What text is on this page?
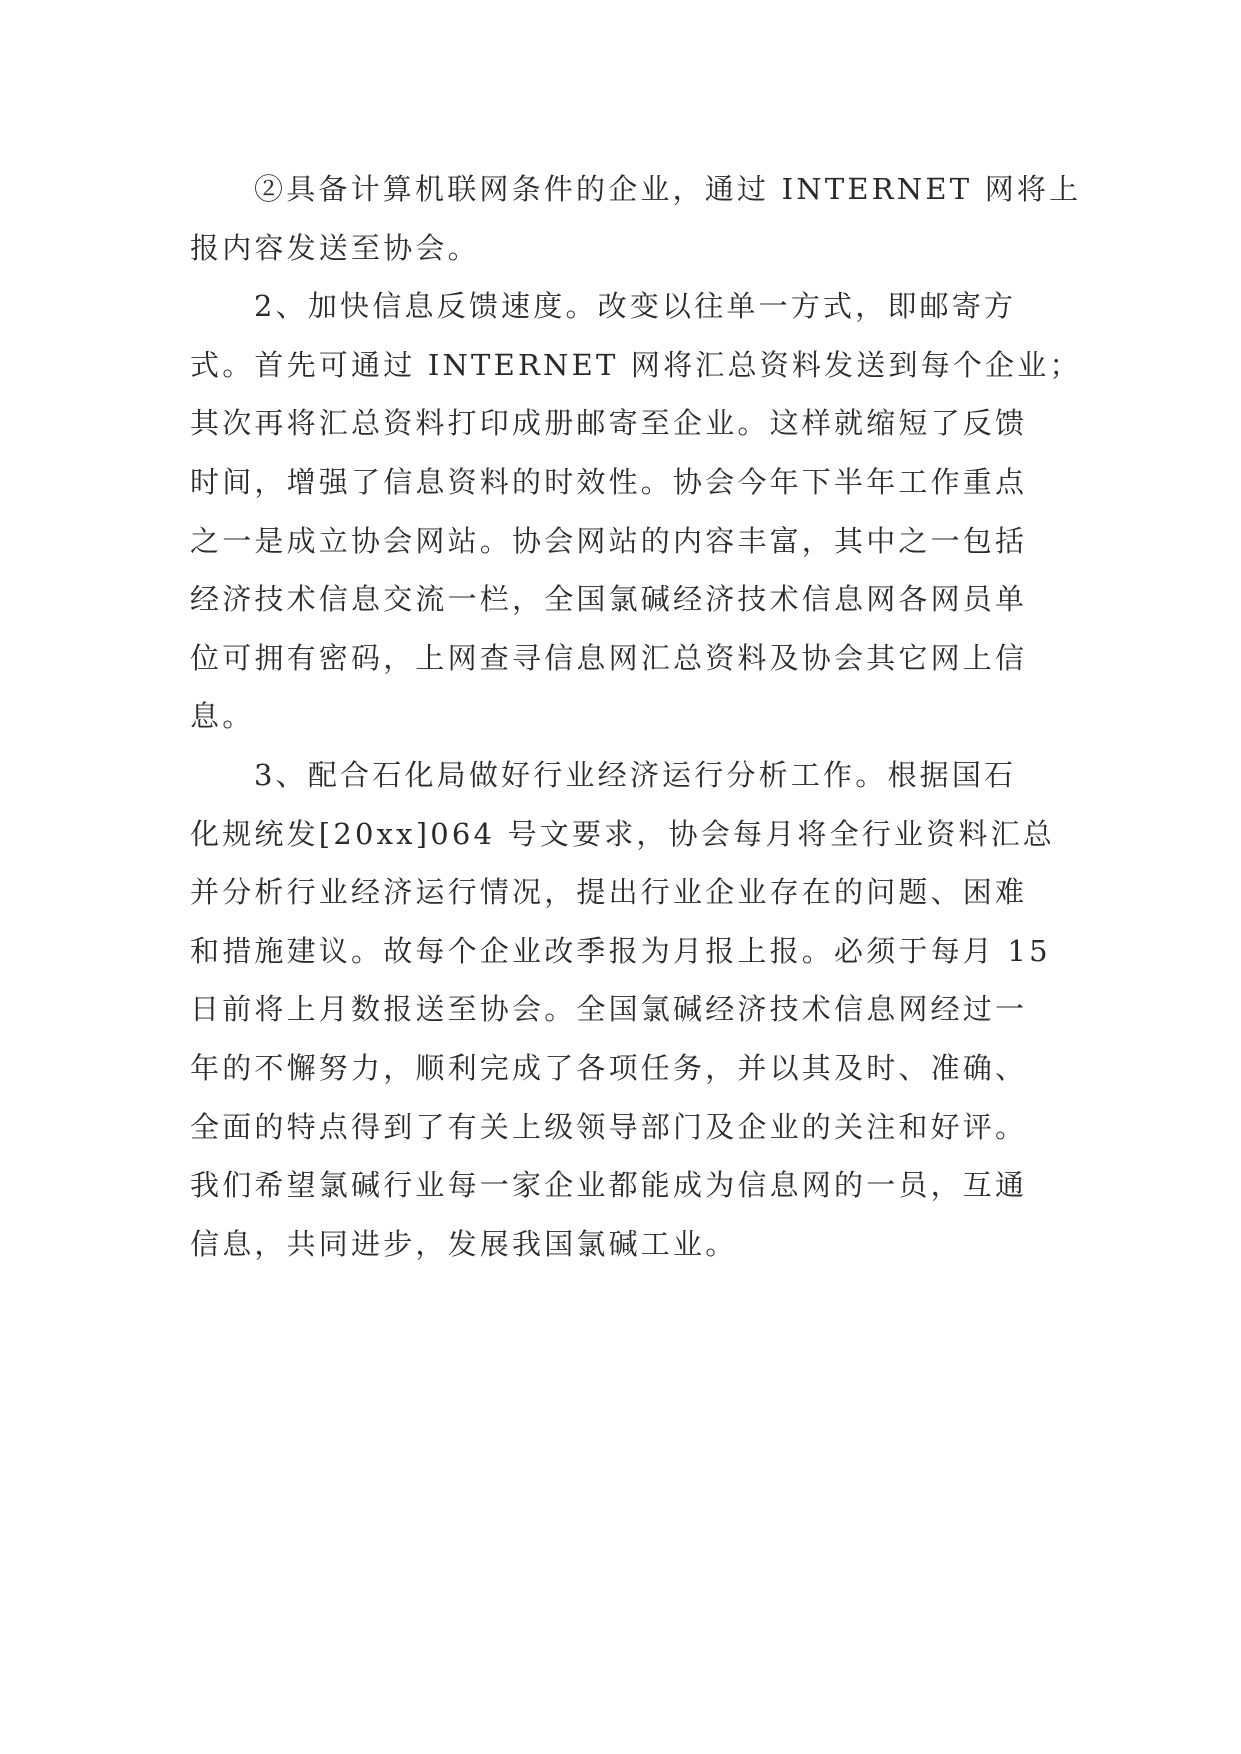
②具备计算机联网条件的企业，通过 INTERNET 网将上
报内容发送至协会。
2、加快信息反馈速度。改变以往单一方式，即邮寄方
式。首先可通过 INTERNET 网将汇总资料发送到每个企业；
其次再将汇总资料打印成册邮寄至企业。这样就缩短了反馈
时间，增强了信息资料的时效性。协会今年下半年工作重点
之一是成立协会网站。协会网站的内容丰富，其中之一包括
经济技术信息交流一栏，全国氯碱经济技术信息网各网员单
位可拥有密码，上网查寻信息网汇总资料及协会其它网上信
息。
3、配合石化局做好行业经济运行分析工作。根据国石
化规统发[20xx]064 号文要求，协会每月将全行业资料汇总
并分析行业经济运行情况，提出行业企业存在的问题、困难
和措施建议。故每个企业改季报为月报上报。必须于每月 15
日前将上月数报送至协会。全国氯碱经济技术信息网经过一
年的不懈努力，顺利完成了各项任务，并以其及时、准确、
全面的特点得到了有关上级领导部门及企业的关注和好评。
我们希望氯碱行业每一家企业都能成为信息网的一员，互通
信息，共同进步，发展我国氯碱工业。
